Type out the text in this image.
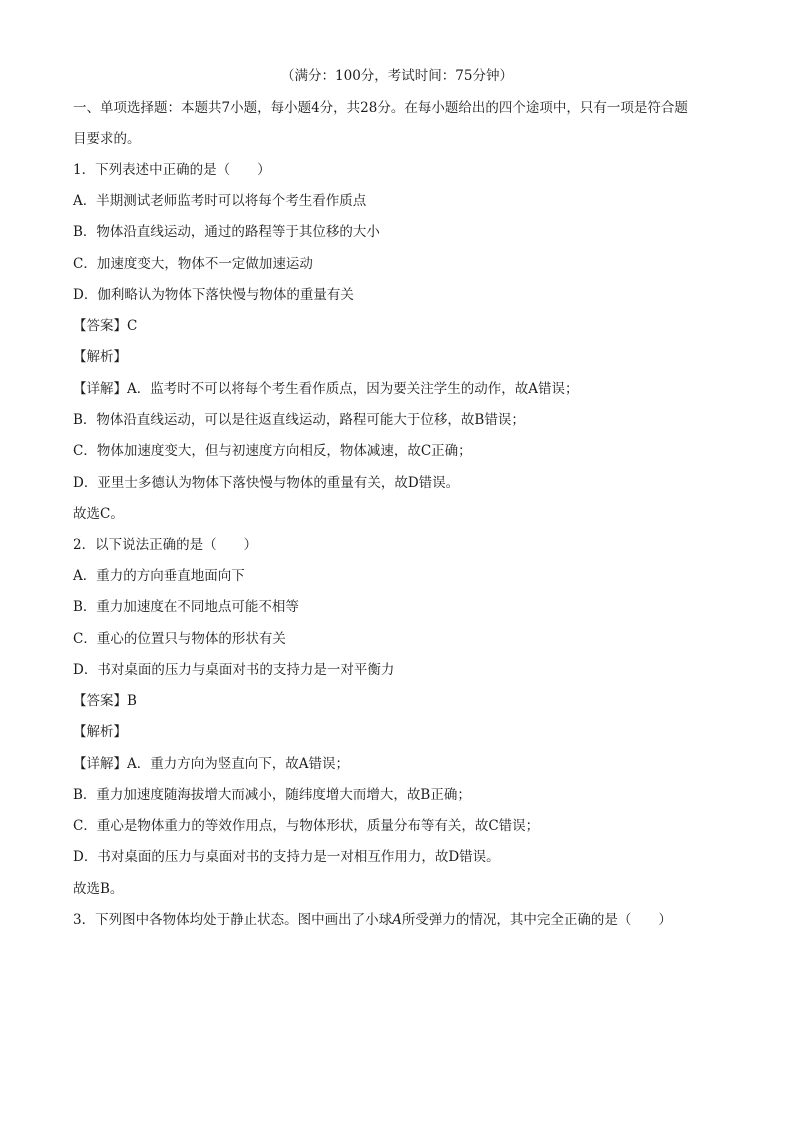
（满分：100分，考试时间：75分钟）
一、单项选择题：本题共7小题，每小题4分，共28分。在每小题给出的四个途项中，只有一项是符合题
目要求的。
1．下列表述中正确的是（　　）
A．半期测试老师监考时可以将每个考生看作质点
B．物体沿直线运动，通过的路程等于其位移的大小
C．加速度变大，物体不一定做加速运动
D．伽利略认为物体下落快慢与物体的重量有关
【答案】C
【解析】
【详解】A．监考时不可以将每个考生看作质点，因为要关注学生的动作，故A错误；
B．物体沿直线运动，可以是往返直线运动，路程可能大于位移，故B错误；
C．物体加速度变大，但与初速度方向相反，物体减速，故C正确；
D．亚里士多德认为物体下落快慢与物体的重量有关，故D错误。
故选C。
2．以下说法正确的是（　　）
A．重力的方向垂直地面向下
B．重力加速度在不同地点可能不相等
C．重心的位置只与物体的形状有关
D．书对桌面的压力与桌面对书的支持力是一对平衡力
【答案】B
【解析】
【详解】A．重力方向为竖直向下，故A错误；
B．重力加速度随海拔增大而减小，随纬度增大而增大，故B正确；
C．重心是物体重力的等效作用点，与物体形状，质量分布等有关，故C错误；
D．书对桌面的压力与桌面对书的支持力是一对相互作用力，故D错误。
故选B。
3．下列图中各物体均处于静止状态。图中画出了小球A所受弹力的情况，其中完全正确的是（　　）
